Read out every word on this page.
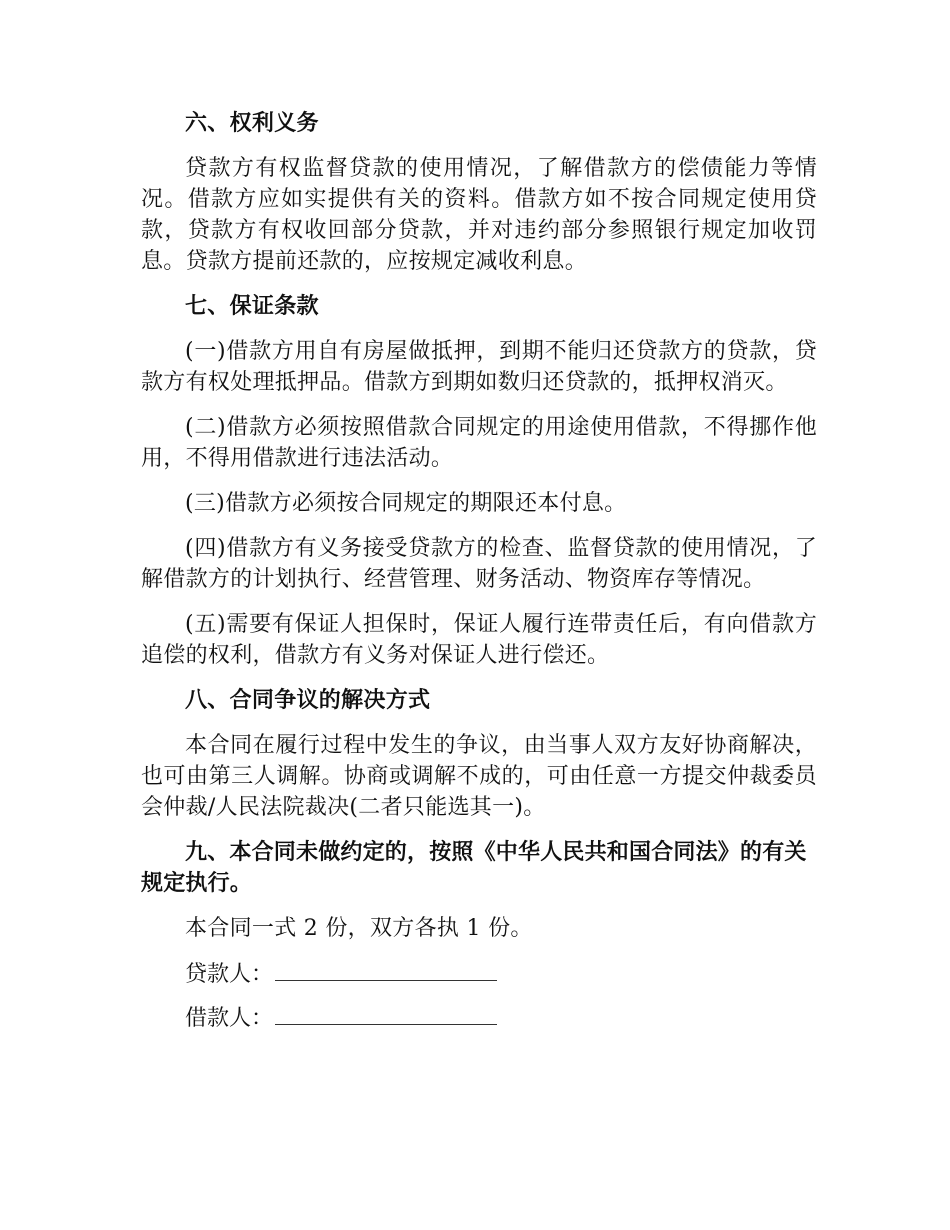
六、权利义务

贷款方有权监督贷款的使用情况，了解借款方的偿债能力等情况。借款方应如实提供有关的资料。借款方如不按合同规定使用贷款，贷款方有权收回部分贷款，并对违约部分参照银行规定加收罚息。贷款方提前还款的，应按规定减收利息。

七、保证条款

(一)借款方用自有房屋做抵押，到期不能归还贷款方的贷款，贷款方有权处理抵押品。借款方到期如数归还贷款的，抵押权消灭。

(二)借款方必须按照借款合同规定的用途使用借款，不得挪作他用，不得用借款进行违法活动。

(三)借款方必须按合同规定的期限还本付息。

(四)借款方有义务接受贷款方的检查、监督贷款的使用情况，了解借款方的计划执行、经营管理、财务活动、物资库存等情况。

(五)需要有保证人担保时，保证人履行连带责任后，有向借款方追偿的权利，借款方有义务对保证人进行偿还。

八、合同争议的解决方式

本合同在履行过程中发生的争议，由当事人双方友好协商解决，也可由第三人调解。协商或调解不成的，可由任意一方提交仲裁委员会仲裁/人民法院裁决(二者只能选其一)。

九、本合同未做约定的，按照《中华人民共和国合同法》的有关规定执行。

本合同一式 2 份，双方各执 1 份。

贷款人：
借款人：
